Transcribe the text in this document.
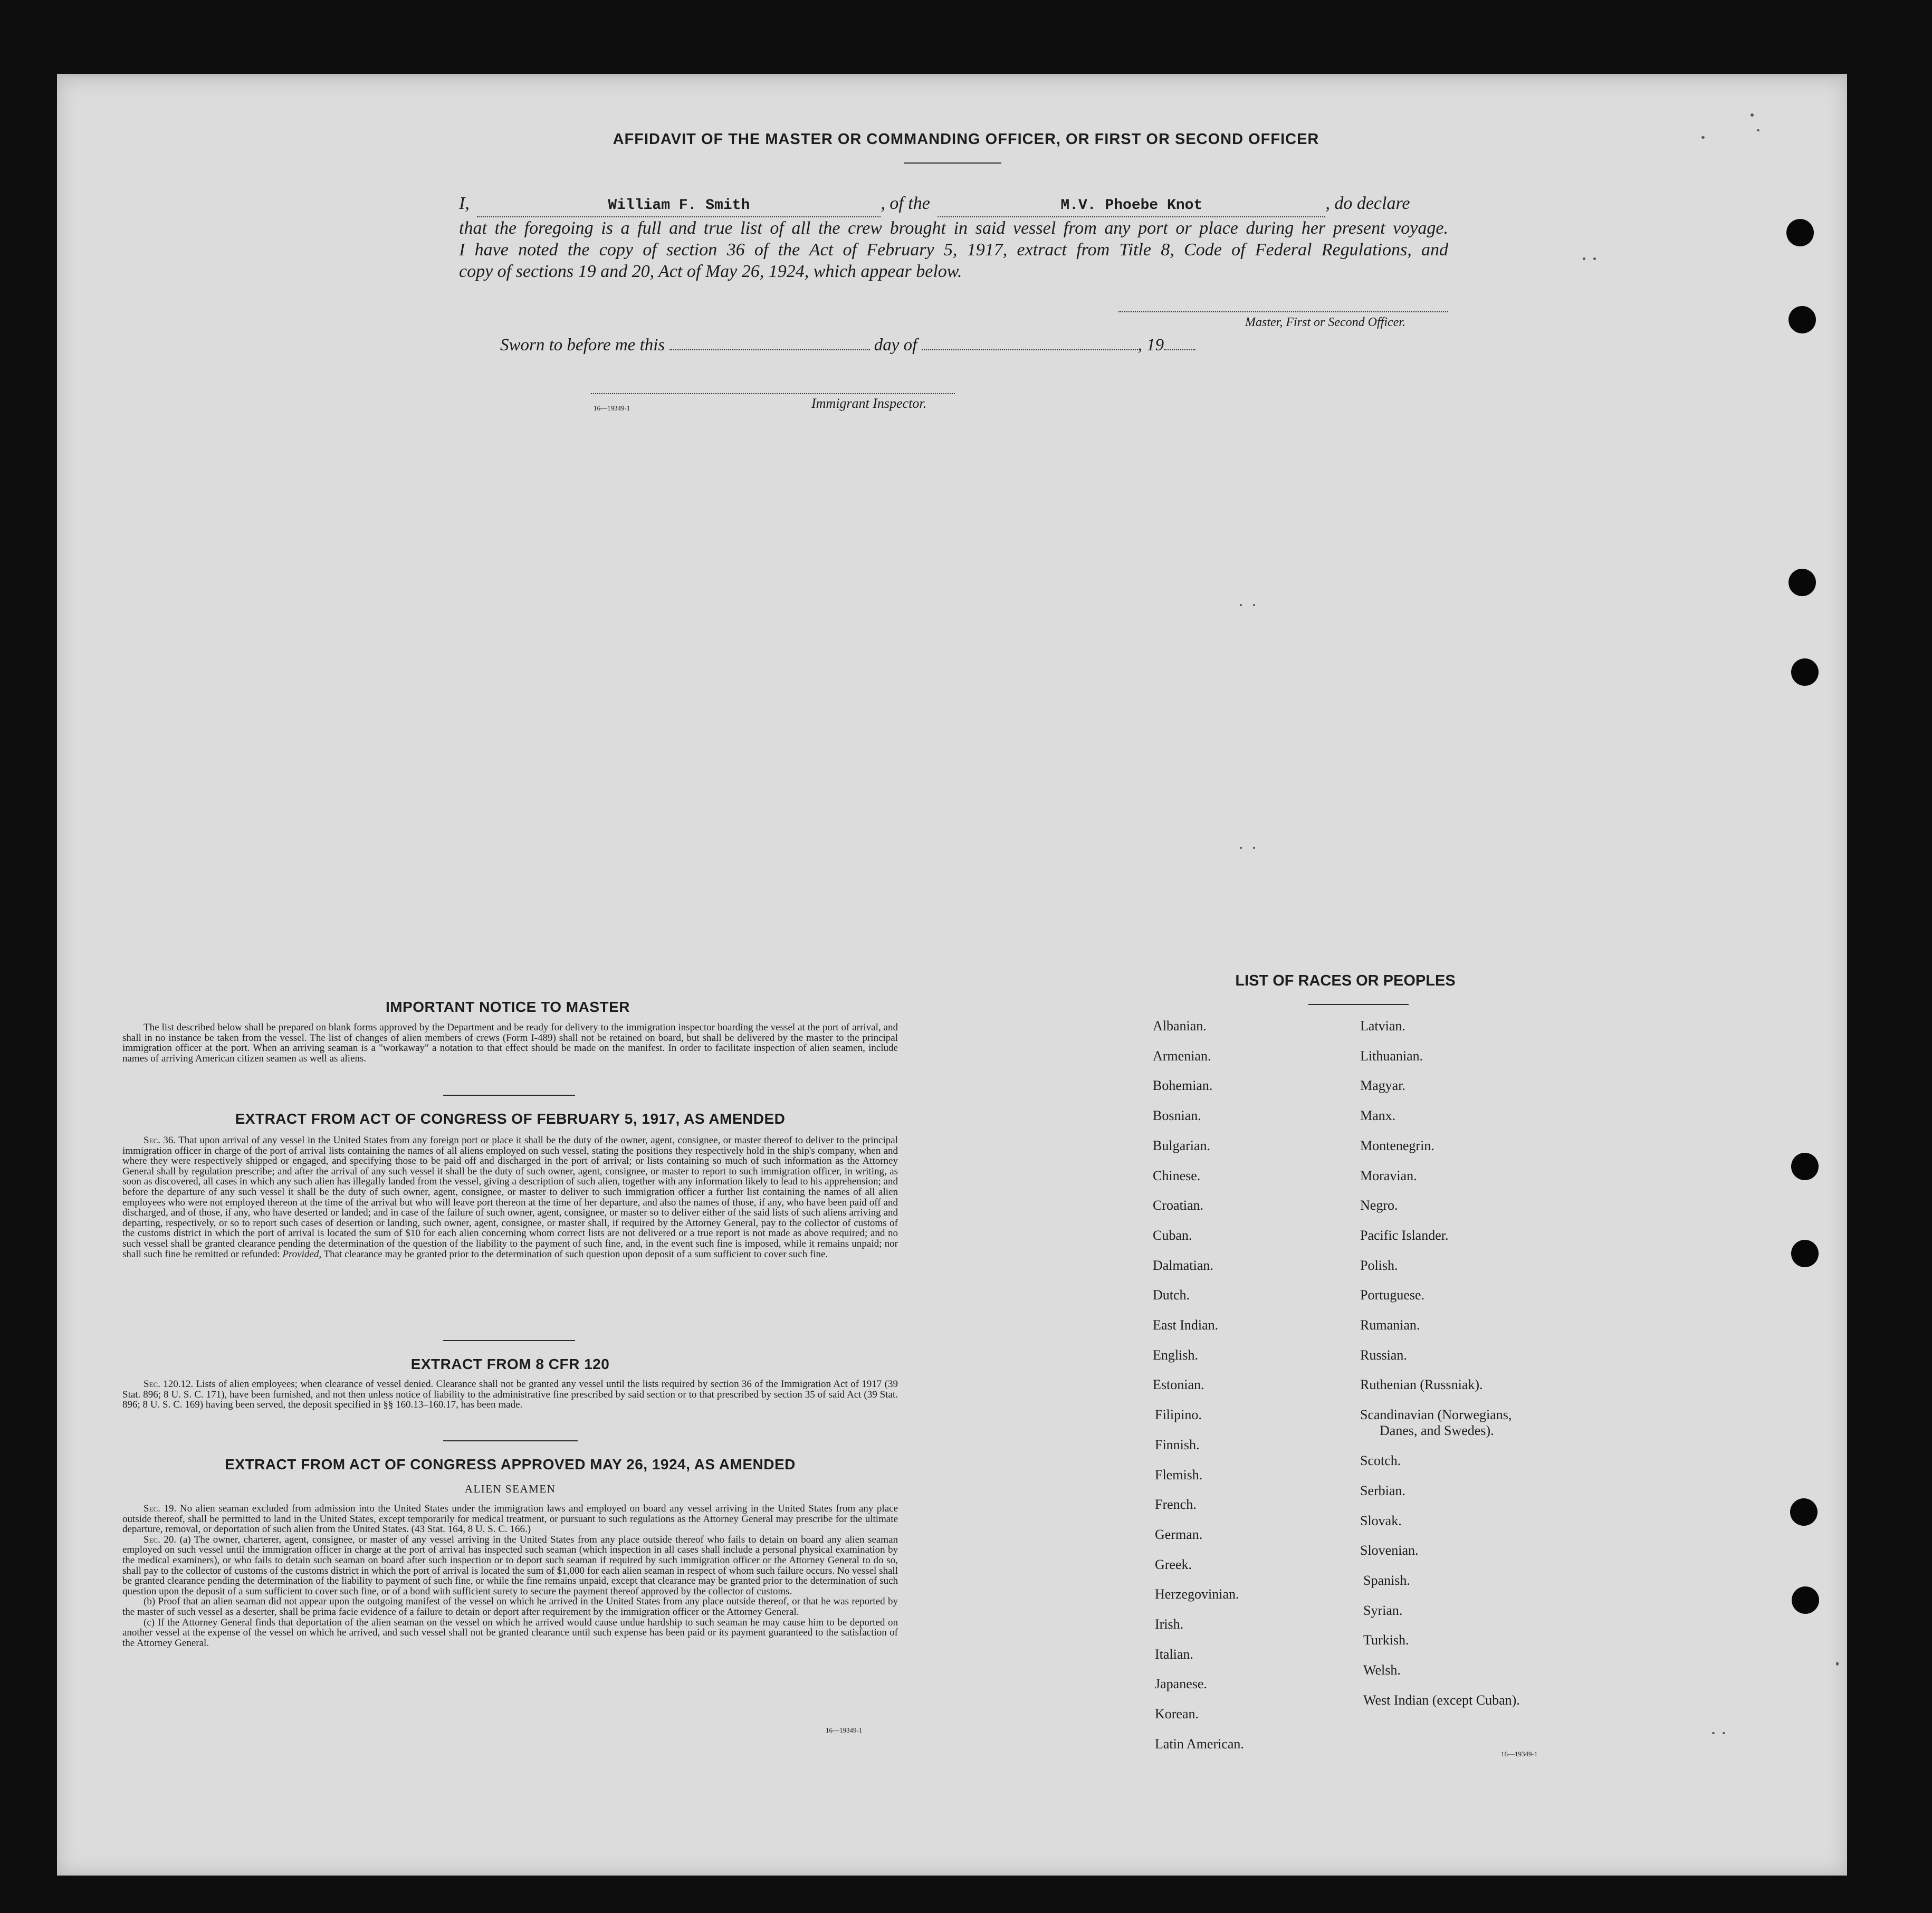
AFFIDAVIT OF THE MASTER OR COMMANDING OFFICER, OR FIRST OR SECOND OFFICER
I,	William F. Smith	, of the	M.V. Phoebe Knot	, do declare
that the foregoing is a full and true list of all the crew brought in said vessel from any port or place during her present voyage.
I have noted the copy of section 36 of the Act of February 5, 1917, extract from Title 8, Code of Federal Regulations, and
copy of sections 19 and 20, Act of May 26, 1924, which appear below.
Master, First or Second Officer.
Sworn to before me this	day of	, 19
16—19349-1	Immigrant Inspector.
IMPORTANT NOTICE TO MASTER

The list described below shall be prepared on blank forms approved by the Department and be ready for delivery to the immigration inspector boarding the vessel at the port of arrival, and shall in no instance be taken from the vessel. The list of changes of alien members of crews (Form I-489) shall not be retained on board, but shall be delivered by the master to the principal immigration officer at the port. When an arriving seaman is a "workaway" a notation to that effect should be made on the manifest. In order to facilitate inspection of alien seamen, include names of arriving American citizen seamen as well as aliens.

EXTRACT FROM ACT OF CONGRESS OF FEBRUARY 5, 1917, AS AMENDED

Sec. 36. That upon arrival of any vessel in the United States from any foreign port or place it shall be the duty of the owner, agent, consignee, or master thereof to deliver to the principal immigration officer in charge of the port of arrival lists containing the names of all aliens employed on such vessel, stating the positions they respectively hold in the ship's company, when and where they were respectively shipped or engaged, and specifying those to be paid off and discharged in the port of arrival; or lists containing so much of such information as the Attorney General shall by regulation prescribe; and after the arrival of any such vessel it shall be the duty of such owner, agent, consignee, or master to report to such immigration officer, in writing, as soon as discovered, all cases in which any such alien has illegally landed from the vessel, giving a description of such alien, together with any information likely to lead to his apprehension; and before the departure of any such vessel it shall be the duty of such owner, agent, consignee, or master to deliver to such immigration officer a further list containing the names of all alien employees who were not employed thereon at the time of the arrival but who will leave port thereon at the time of her departure, and also the names of those, if any, who have been paid off and discharged, and of those, if any, who have deserted or landed; and in case of the failure of such owner, agent, consignee, or master so to deliver either of the said lists of such aliens arriving and departing, respectively, or so to report such cases of desertion or landing, such owner, agent, consignee, or master shall, if required by the Attorney General, pay to the collector of customs of the customs district in which the port of arrival is located the sum of $10 for each alien concerning whom correct lists are not delivered or a true report is not made as above required; and no such vessel shall be granted clearance pending the determination of the question of the liability to the payment of such fine, and, in the event such fine is imposed, while it remains unpaid; nor shall such fine be remitted or refunded: Provided, That clearance may be granted prior to the determination of such question upon deposit of a sum sufficient to cover such fine.

EXTRACT FROM 8 CFR 120

Sec. 120.12. Lists of alien employees; when clearance of vessel denied. Clearance shall not be granted any vessel until the lists required by section 36 of the Immigration Act of 1917 (39 Stat. 896; 8 U. S. C. 171), have been furnished, and not then unless notice of liability to the administrative fine prescribed by said section or to that prescribed by section 35 of said Act (39 Stat. 896; 8 U. S. C. 169) having been served, the deposit specified in §§ 160.13–160.17, has been made.

EXTRACT FROM ACT OF CONGRESS APPROVED MAY 26, 1924, AS AMENDED
ALIEN SEAMEN

Sec. 19. No alien seaman excluded from admission into the United States under the immigration laws and employed on board any vessel arriving in the United States from any place outside thereof, shall be permitted to land in the United States, except temporarily for medical treatment, or pursuant to such regulations as the Attorney General may prescribe for the ultimate departure, removal, or deportation of such alien from the United States. (43 Stat. 164, 8 U. S. C. 166.)

Sec. 20. (a) The owner, charterer, agent, consignee, or master of any vessel arriving in the United States from any place outside thereof who fails to detain on board any alien seaman employed on such vessel until the immigration officer in charge at the port of arrival has inspected such seaman (which inspection in all cases shall include a personal physical examination by the medical examiners), or who fails to detain such seaman on board after such inspection or to deport such seaman if required by such immigration officer or the Attorney General to do so, shall pay to the collector of customs of the customs district in which the port of arrival is located the sum of $1,000 for each alien seaman in respect of whom such failure occurs. No vessel shall be granted clearance pending the determination of the liability to payment of such fine, or while the fine remains unpaid, except that clearance may be granted prior to the determination of such question upon the deposit of a sum sufficient to cover such fine, or of a bond with sufficient surety to secure the payment thereof approved by the collector of customs.

(b) Proof that an alien seaman did not appear upon the outgoing manifest of the vessel on which he arrived in the United States from any place outside thereof, or that he was reported by the master of such vessel as a deserter, shall be prima facie evidence of a failure to detain or deport after requirement by the immigration officer or the Attorney General.

(c) If the Attorney General finds that deportation of the alien seaman on the vessel on which he arrived would cause undue hardship to such seaman he may cause him to be deported on another vessel at the expense of the vessel on which he arrived, and such vessel shall not be granted clearance until such expense has been paid or its payment guaranteed to the satisfaction of the Attorney General.

16—19349-1
LIST OF RACES OR PEOPLES
Albanian.
Armenian.
Bohemian.
Bosnian.
Bulgarian.
Chinese.
Croatian.
Cuban.
Dalmatian.
Dutch.
East Indian.
English.
Estonian.
Filipino.
Finnish.
Flemish.
French.
German.
Greek.
Herzegovinian.
Irish.
Italian.
Japanese.
Korean.
Latin American.
Latvian.
Lithuanian.
Magyar.
Manx.
Montenegrin.
Moravian.
Negro.
Pacific Islander.
Polish.
Portuguese.
Rumanian.
Russian.
Ruthenian (Russniak).
Scandinavian (Norwegians,
Danes, and Swedes).
Scotch.
Serbian.
Slovak.
Slovenian.
Spanish.
Syrian.
Turkish.
Welsh.
West Indian (except Cuban).
16—19349-1
